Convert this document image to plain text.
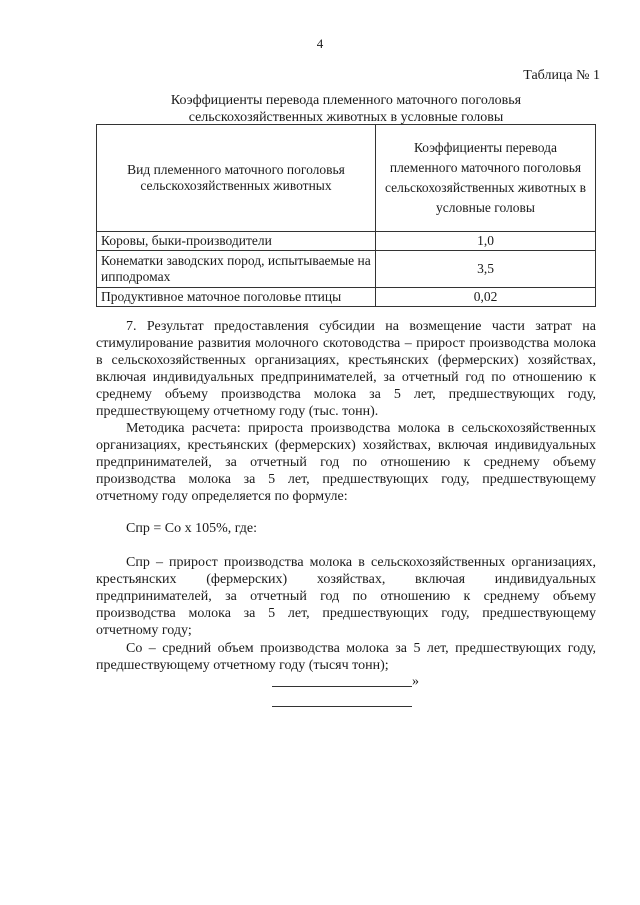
4
Таблица № 1
Коэффициенты перевода племенного маточного поголовья
сельскохозяйственных животных в условные головы
Вид племенного маточного поголовья сельскохозяйственных животных	Коэффициенты перевода племенного маточного поголовья сельскохозяйственных животных в условные головы
Коровы, быки-производители	1,0
Конематки заводских пород, испытываемые на ипподромах	3,5
Продуктивное маточное поголовье птицы	0,02
7. Результат предоставления субсидии на возмещение части затрат на стимулирование развития молочного скотоводства – прирост производства молока в сельскохозяйственных организациях, крестьянских (фермерских) хозяйствах, включая индивидуальных предпринимателей, за отчетный год по отношению к среднему объему производства молока за 5 лет, предшествующих году, предшествующему отчетному году (тыс. тонн).
Методика расчета: прироста производства молока в сельскохозяйственных организациях, крестьянских (фермерских) хозяйствах, включая индивидуальных предпринимателей, за отчетный год по отношению к среднему объему производства молока за 5 лет, предшествующих году, предшествующему отчетному году определяется по формуле:
Спр = Со х 105%, где:
Спр – прирост производства молока в сельскохозяйственных организациях, крестьянских (фермерских) хозяйствах, включая индивидуальных предпринимателей, за отчетный год по отношению к среднему объему производства молока за 5 лет, предшествующих году, предшествующему отчетному году;
Со – средний объем производства молока за 5 лет, предшествующих году, предшествующему отчетному году (тысяч тонн);
»
